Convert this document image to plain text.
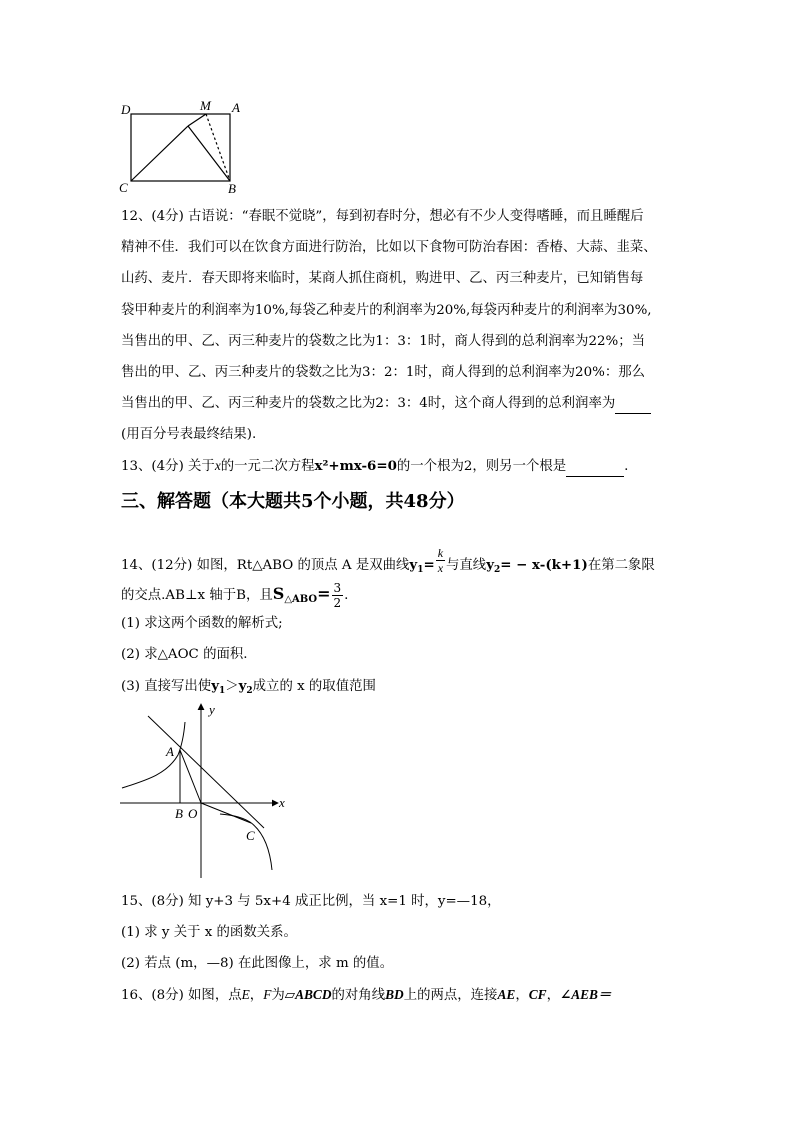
D	M A
C	B
12、(4分) 古语说：“春眠不觉晓”，每到初春时分，想必有不少人变得嗜睡，而且睡醒后
精神不佳．我们可以在饮食方面进行防治，比如以下食物可防治春困：香椿、大蒜、韭菜、
山药、麦片．春天即将来临时，某商人抓住商机，购进甲、乙、丙三种麦片，已知销售每
袋甲种麦片的利润率为10%,每袋乙种麦片的利润率为20%,每袋丙种麦片的利润率为30%,
当售出的甲、乙、丙三种麦片的袋数之比为1：3：1时，商人得到的总利润率为22%；当
售出的甲、乙、丙三种麦片的袋数之比为3：2：1时，商人得到的总利润率为20%：那么
当售出的甲、乙、丙三种麦片的袋数之比为2：3：4时，这个商人得到的总利润率为
(用百分号表最终结果).
13、(4分) 关于x的一元二次方程x²+mx-6=0的一个根为2，则另一个根是	.
三、解答题（本大题共5个小题，共48分）
14、(12分) 如图，Rt△ABO 的顶点 A 是双曲线$y_1= \frac{k}{x}$ 与直线$y_2= - x-(k+1)$在第二象限
的交点.AB⊥x 轴于B，且$S_{\triangle ABO}= \frac{3}{2}$ .
(1) 求这两个函数的解析式;
(2) 求△AOC 的面积.
(3) 直接写出使$y_1>y_2$成立的 x 的取值范围
y
x
A
B O
C
15、(8分) 知 y+3 与 5x+4 成正比例，当 x=1 时，y=—18，
(1) 求 y 关于 x 的函数关系。
(2) 若点 (m，—8) 在此图像上，求 m 的值。
16、(8分) 如图，点E，F为▱ABCD的对角线BD上的两点，连接AE，CF，∠AEB＝
